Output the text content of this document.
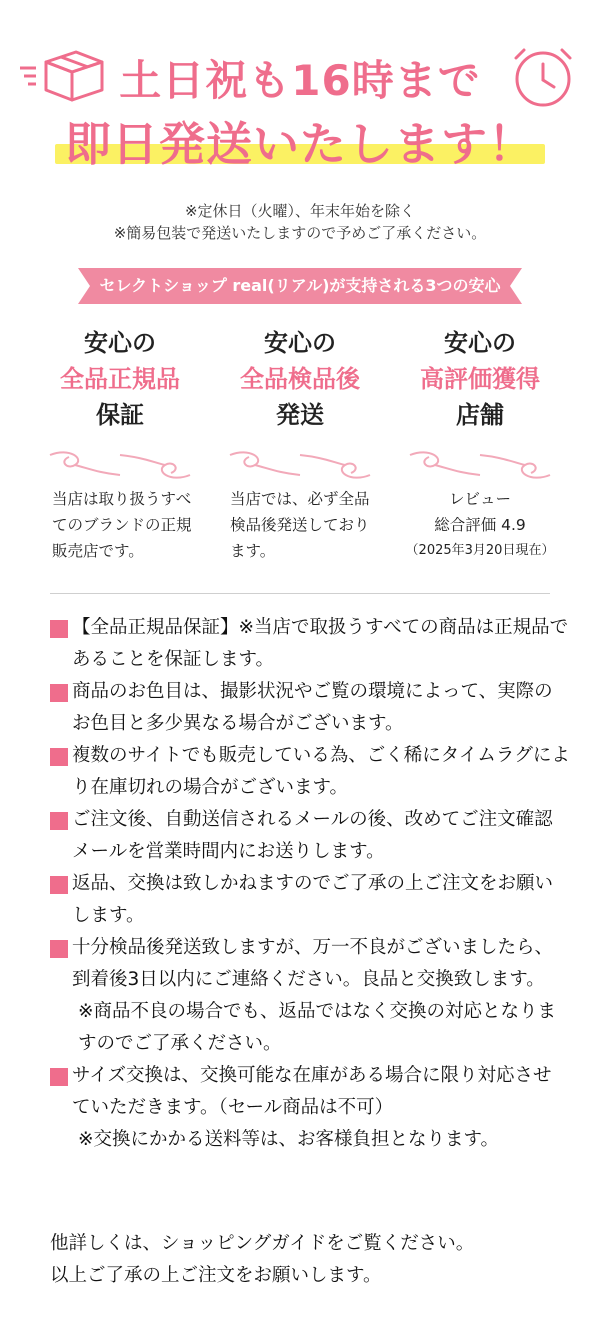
土日祝も16時まで
即日発送いたします！
※定休日（火曜）、年末年始を除く
※簡易包装で発送いたしますので予めご了承ください。
セレクトショップ real(リアル)が支持される3つの安心
安心の
全品正規品
保証
安心の
全品検品後
発送
安心の
高評価獲得
店舗
当店は取り扱うすべてのブランドの正規販売店です。
当店では、必ず全品検品後発送しております。
レビュー
総合評価 4.9
（2025年3月20日現在）
【全品正規品保証】※当店で取扱うすべての商品は正規品であることを保証します。
商品のお色目は、撮影状況やご覧の環境によって、実際のお色目と多少異なる場合がございます。
複数のサイトでも販売している為、ごく稀にタイムラグにより在庫切れの場合がございます。
ご注文後、自動送信されるメールの後、改めてご注文確認メールを営業時間内にお送りします。
返品、交換は致しかねますのでご了承の上ご注文をお願いします。
十分検品後発送致しますが、万一不良がございましたら、到着後3日以内にご連絡ください。良品と交換致します。
※商品不良の場合でも、返品ではなく交換の対応となりますのでご了承ください。
サイズ交換は、交換可能な在庫がある場合に限り対応させていただきます。（セール商品は不可）
※交換にかかる送料等は、お客様負担となります。
他詳しくは、ショッピングガイドをご覧ください。
以上ご了承の上ご注文をお願いします。
